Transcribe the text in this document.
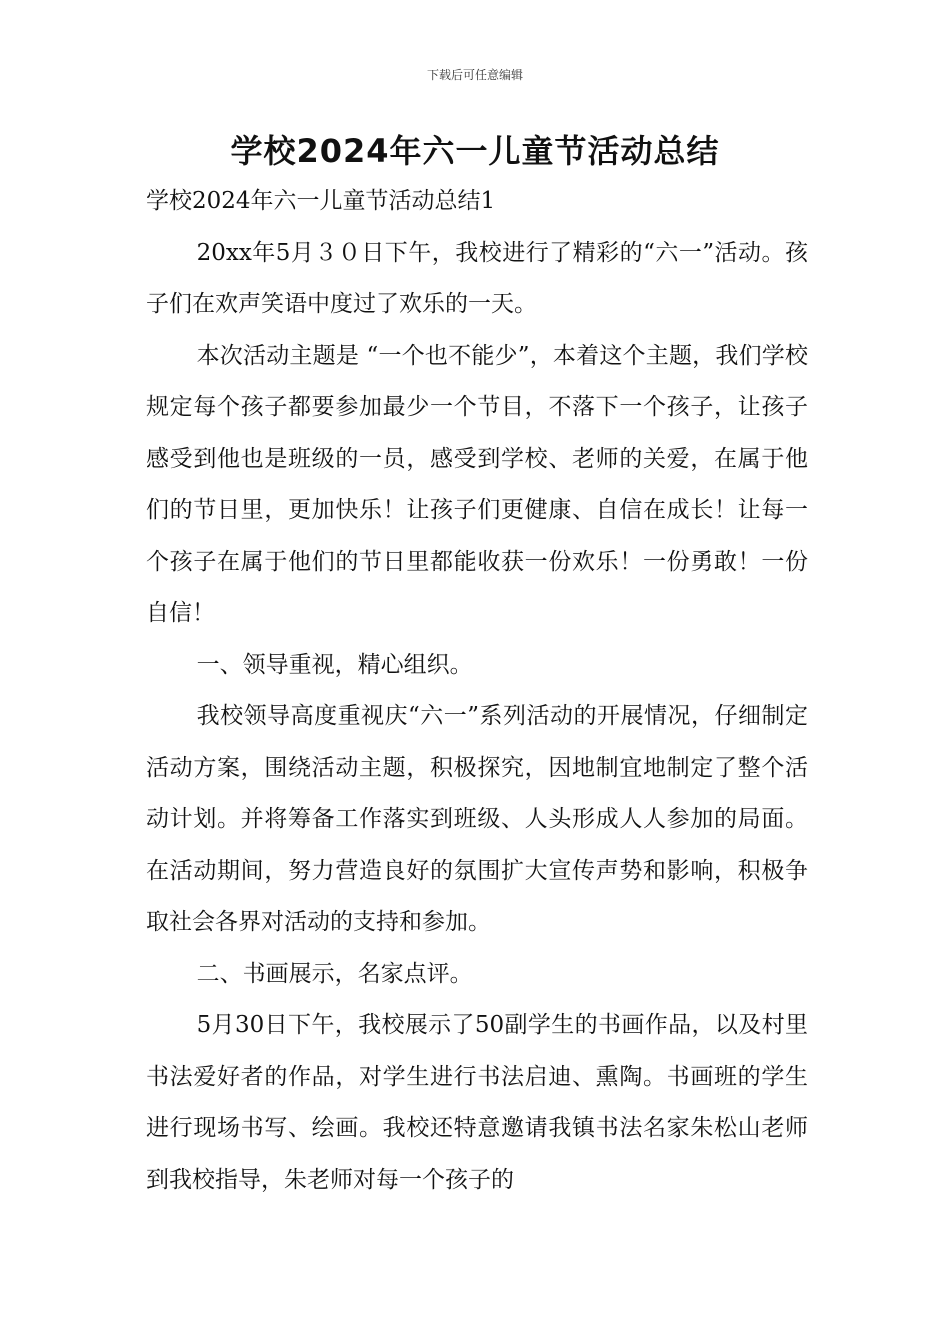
下载后可任意编辑
学校2024年六一儿童节活动总结

学校2024年六一儿童节活动总结1

20xx年5月３０日下午，我校进行了精彩的“六一”活动。孩子们在欢声笑语中度过了欢乐的一天。

本次活动主题是 “一个也不能少”，本着这个主题，我们学校规定每个孩子都要参加最少一个节目，不落下一个孩子，让孩子感受到他也是班级的一员，感受到学校、老师的关爱，在属于他们的节日里，更加快乐！让孩子们更健康、自信在成长！让每一个孩子在属于他们的节日里都能收获一份欢乐！一份勇敢！一份自信！

一、领导重视，精心组织。

我校领导高度重视庆“六一”系列活动的开展情况，仔细制定活动方案，围绕活动主题，积极探究，因地制宜地制定了整个活动计划。并将筹备工作落实到班级、人头形成人人参加的局面。在活动期间，努力营造良好的氛围扩大宣传声势和影响，积极争取社会各界对活动的支持和参加。

二、书画展示，名家点评。

5月30日下午，我校展示了50副学生的书画作品，以及村里书法爱好者的作品，对学生进行书法启迪、熏陶。书画班的学生进行现场书写、绘画。我校还特意邀请我镇书法名家朱松山老师到我校指导，朱老师对每一个孩子的
